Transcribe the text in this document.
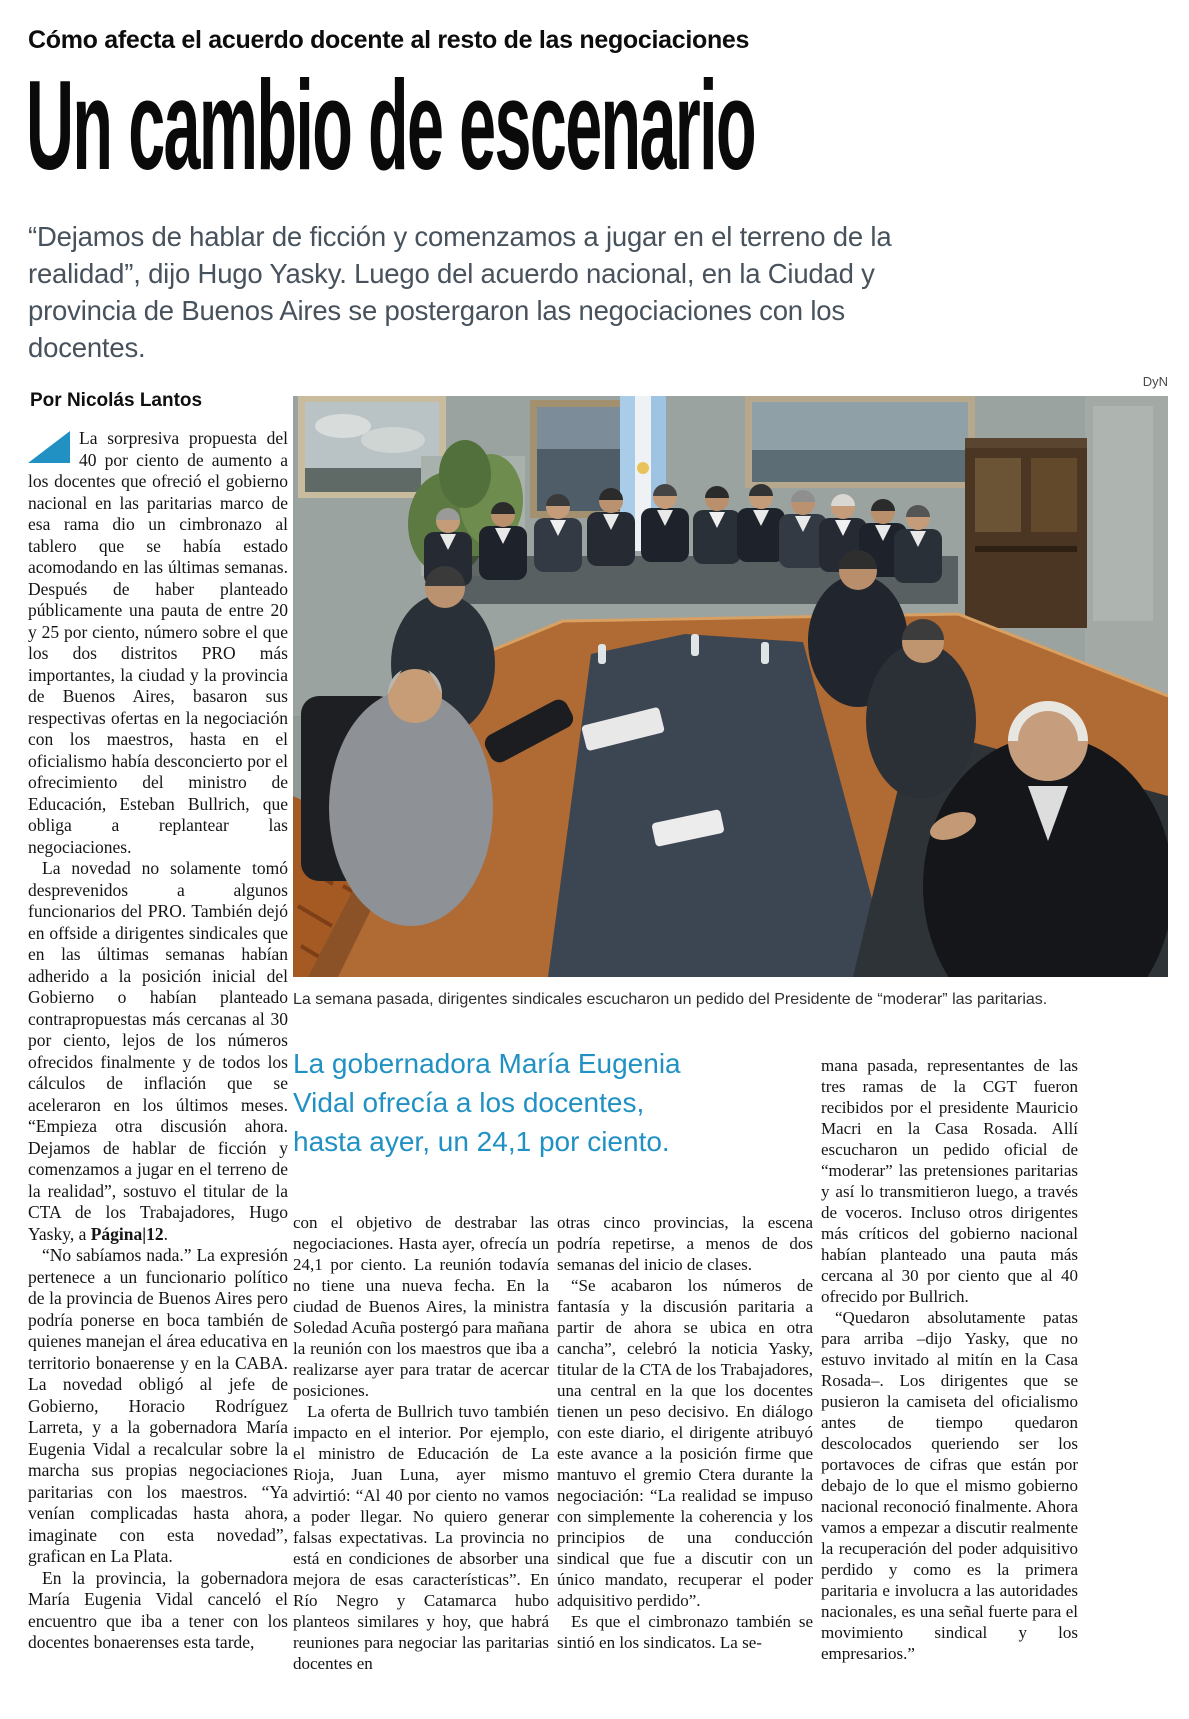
Cómo afecta el acuerdo docente al resto de las negociaciones
Un cambio de escenario
“Dejamos de hablar de ficción y comenzamos a jugar en el terreno de la realidad”, dijo Hugo Yasky. Luego del acuerdo nacional, en la Ciudad y provincia de Buenos Aires se postergaron las negociaciones con los docentes.
Por Nicolás Lantos

La sorpresiva propuesta del 40 por ciento de aumento a los docentes que ofreció el gobierno nacional en las paritarias marco de esa rama dio un cimbronazo al tablero que se había estado acomodando en las últimas semanas. Después de haber planteado públicamente una pauta de entre 20 y 25 por ciento, número sobre el que los dos distritos PRO más importantes, la ciudad y la provincia de Buenos Aires, basaron sus respectivas ofertas en la negociación con los maestros, hasta en el oficialismo había desconcierto por el ofrecimiento del ministro de Educación, Esteban Bullrich, que obliga a replantear las negociaciones.

La novedad no solamente tomó desprevenidos a algunos funcionarios del PRO. También dejó en offside a dirigentes sindicales que en las últimas semanas habían adherido a la posición inicial del Gobierno o habían planteado contrapropuestas más cercanas al 30 por ciento, lejos de los números ofrecidos finalmente y de todos los cálculos de inflación que se aceleraron en los últimos meses. “Empieza otra discusión ahora. Dejamos de hablar de ficción y comenzamos a jugar en el terreno de la realidad”, sostuvo el titular de la CTA de los Trabajadores, Hugo Yasky, a Página|12.

“No sabíamos nada.” La expresión pertenece a un funcionario político de la provincia de Buenos Aires pero podría ponerse en boca también de quienes manejan el área educativa en territorio bonaerense y en la CABA. La novedad obligó al jefe de Gobierno, Horacio Rodríguez Larreta, y a la gobernadora María Eugenia Vidal a recalcular sobre la marcha sus propias negociaciones paritarias con los maestros. “Ya venían complicadas hasta ahora, imaginate con esta novedad”, grafican en La Plata.

En la provincia, la gobernadora María Eugenia Vidal canceló el encuentro que iba a tener con los docentes bonaerenses esta tarde,

DyN
La semana pasada, dirigentes sindicales escucharon un pedido del Presidente de “moderar” las paritarias.
La gobernadora María Eugenia Vidal ofrecía a los docentes, hasta ayer, un 24,1 por ciento.

con el objetivo de destrabar las negociaciones. Hasta ayer, ofrecía un 24,1 por ciento. La reunión todavía no tiene una nueva fecha. En la ciudad de Buenos Aires, la ministra Soledad Acuña postergó para mañana la reunión con los maestros que iba a realizarse ayer para tratar de acercar posiciones.

La oferta de Bullrich tuvo también impacto en el interior. Por ejemplo, el ministro de Educación de La Rioja, Juan Luna, ayer mismo advirtió: “Al 40 por ciento no vamos a poder llegar. No quiero generar falsas expectativas. La provincia no está en condiciones de absorber una mejora de esas características”. En Río Negro y Catamarca hubo planteos similares y hoy, que habrá reuniones para negociar las paritarias docentes en

otras cinco provincias, la escena podría repetirse, a menos de dos semanas del inicio de clases.

“Se acabaron los números de fantasía y la discusión paritaria a partir de ahora se ubica en otra cancha”, celebró la noticia Yasky, titular de la CTA de los Trabajadores, una central en la que los docentes tienen un peso decisivo. En diálogo con este diario, el dirigente atribuyó este avance a la posición firme que mantuvo el gremio Ctera durante la negociación: “La realidad se impuso con simplemente la coherencia y los principios de una conducción sindical que fue a discutir con un único mandato, recuperar el poder adquisitivo perdido”.

Es que el cimbronazo también se sintió en los sindicatos. La se-

mana pasada, representantes de las tres ramas de la CGT fueron recibidos por el presidente Mauricio Macri en la Casa Rosada. Allí escucharon un pedido oficial de “moderar” las pretensiones paritarias y así lo transmitieron luego, a través de voceros. Incluso otros dirigentes más críticos del gobierno nacional habían planteado una pauta más cercana al 30 por ciento que al 40 ofrecido por Bullrich.

“Quedaron absolutamente patas para arriba –dijo Yasky, que no estuvo invitado al mitín en la Casa Rosada–. Los dirigentes que se pusieron la camiseta del oficialismo antes de tiempo quedaron descolocados queriendo ser los portavoces de cifras que están por debajo de lo que el mismo gobierno nacional reconoció finalmente. Ahora vamos a empezar a discutir realmente la recuperación del poder adquisitivo perdido y como es la primera paritaria e involucra a las autoridades nacionales, es una señal fuerte para el movimiento sindical y los empresarios.”
